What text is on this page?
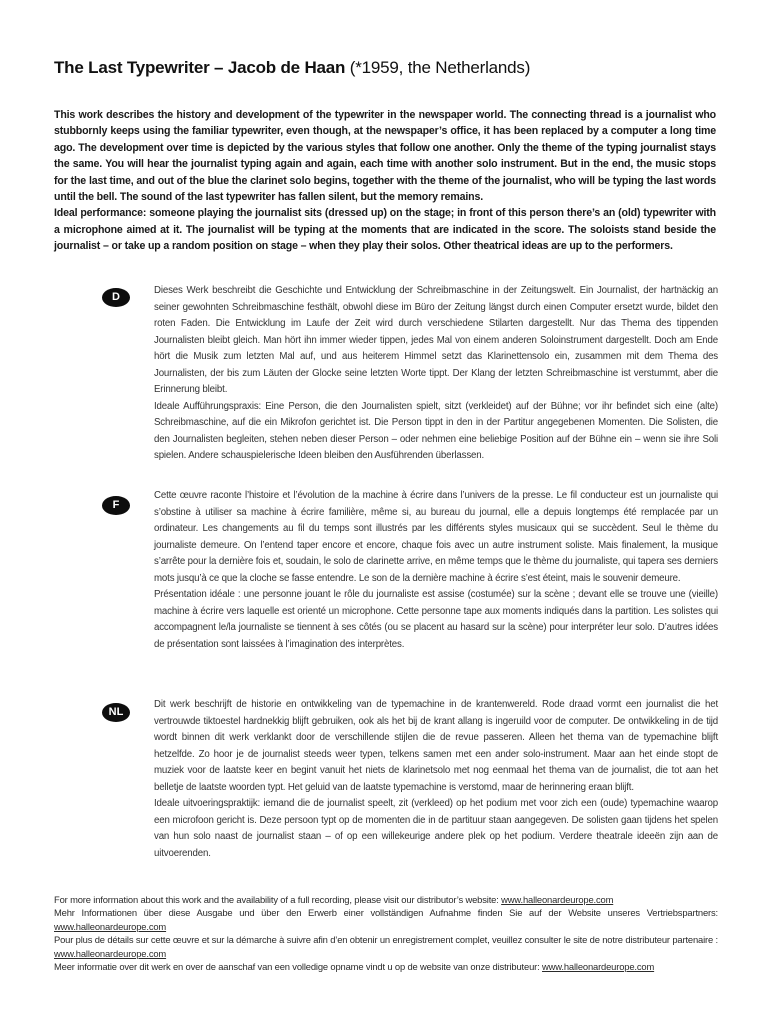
The Last Typewriter – Jacob de Haan (*1959, the Netherlands)

This work describes the history and development of the typewriter in the newspaper world. The connecting thread is a journalist who stubbornly keeps using the familiar typewriter, even though, at the newspaper’s office, it has been replaced by a computer a long time ago. The development over time is depicted by the various styles that follow one another. Only the theme of the typing journalist stays the same. You will hear the journalist typing again and again, each time with another solo instrument. But in the end, the music stops for the last time, and out of the blue the clarinet solo begins, together with the theme of the journalist, who will be typing the last words until the bell. The sound of the last typewriter has fallen silent, but the memory remains.

Ideal performance: someone playing the journalist sits (dressed up) on the stage; in front of this person there’s an (old) typewriter with a microphone aimed at it. The journalist will be typing at the moments that are indicated in the score. The soloists stand beside the journalist – or take up a random position on stage – when they play their solos. Other theatrical ideas are up to the performers.

D

Dieses Werk beschreibt die Geschichte und Entwicklung der Schreibmaschine in der Zeitungswelt. Ein Journalist, der hartnäckig an seiner gewohnten Schreibmaschine festhält, obwohl diese im Büro der Zeitung längst durch einen Computer ersetzt wurde, bildet den roten Faden. Die Entwicklung im Laufe der Zeit wird durch verschiedene Stilarten dargestellt. Nur das Thema des tippenden Journalisten bleibt gleich. Man hört ihn immer wieder tippen, jedes Mal von einem anderen Soloinstrument dargestellt. Doch am Ende hört die Musik zum letzten Mal auf, und aus heiterem Himmel setzt das Klarinettensolo ein, zusammen mit dem Thema des Journalisten, der bis zum Läuten der Glocke seine letzten Worte tippt. Der Klang der letzten Schreibmaschine ist verstummt, aber die Erinnerung bleibt.

Ideale Aufführungspraxis: Eine Person, die den Journalisten spielt, sitzt (verkleidet) auf der Bühne; vor ihr befindet sich eine (alte) Schreibmaschine, auf die ein Mikrofon gerichtet ist. Die Person tippt in den in der Partitur angegebenen Momenten. Die Solisten, die den Journalisten begleiten, stehen neben dieser Person – oder nehmen eine beliebige Position auf der Bühne ein – wenn sie ihre Soli spielen. Andere schauspielerische Ideen bleiben den Ausführenden überlassen.

F

Cette œuvre raconte l’histoire et l’évolution de la machine à écrire dans l’univers de la presse. Le fil conducteur est un journaliste qui s’obstine à utiliser sa machine à écrire familière, même si, au bureau du journal, elle a depuis longtemps été remplacée par un ordinateur. Les changements au fil du temps sont illustrés par les différents styles musicaux qui se succèdent. Seul le thème du journaliste demeure. On l’entend taper encore et encore, chaque fois avec un autre instrument soliste. Mais finalement, la musique s’arrête pour la dernière fois et, soudain, le solo de clarinette arrive, en même temps que le thème du journaliste, qui tapera ses derniers mots jusqu’à ce que la cloche se fasse entendre. Le son de la dernière machine à écrire s’est éteint, mais le souvenir demeure.

Présentation idéale : une personne jouant le rôle du journaliste est assise (costumée) sur la scène ; devant elle se trouve une (vieille) machine à écrire vers laquelle est orienté un microphone. Cette personne tape aux moments indiqués dans la partition. Les solistes qui accompagnent le/la journaliste se tiennent à ses côtés (ou se placent au hasard sur la scène) pour interpréter leur solo. D’autres idées de présentation sont laissées à l’imagination des interprètes.

NL

Dit werk beschrijft de historie en ontwikkeling van de typemachine in de krantenwereld. Rode draad vormt een journalist die het vertrouwde tiktoestel hardnekkig blijft gebruiken, ook als het bij de krant allang is ingeruild voor de computer. De ontwikkeling in de tijd wordt binnen dit werk verklankt door de verschillende stijlen die de revue passeren. Alleen het thema van de typemachine blijft hetzelfde. Zo hoor je de journalist steeds weer typen, telkens samen met een ander solo-instrument. Maar aan het einde stopt de muziek voor de laatste keer en begint vanuit het niets de klarinetsolo met nog eenmaal het thema van de journalist, die tot aan het belletje de laatste woorden typt. Het geluid van de laatste typemachine is verstomd, maar de herinnering eraan blijft.

Ideale uitvoeringspraktijk: iemand die de journalist speelt, zit (verkleed) op het podium met voor zich een (oude) typemachine waarop een microfoon gericht is. Deze persoon typt op de momenten die in de partituur staan aangegeven. De solisten gaan tijdens het spelen van hun solo naast de journalist staan – of op een willekeurige andere plek op het podium. Verdere theatrale ideeën zijn aan de uitvoerenden.

For more information about this work and the availability of a full recording, please visit our distributor’s website: www.halleonardeurope.com

Mehr Informationen über diese Ausgabe und über den Erwerb einer vollständigen Aufnahme finden Sie auf der Website unseres Vertriebspartners: www.halleonardeurope.com

Pour plus de détails sur cette œuvre et sur la démarche à suivre afin d’en obtenir un enregistrement complet, veuillez consulter le site de notre distributeur partenaire : www.halleonardeurope.com

Meer informatie over dit werk en over de aanschaf van een volledige opname vindt u op de website van onze distributeur: www.halleonardeurope.com
